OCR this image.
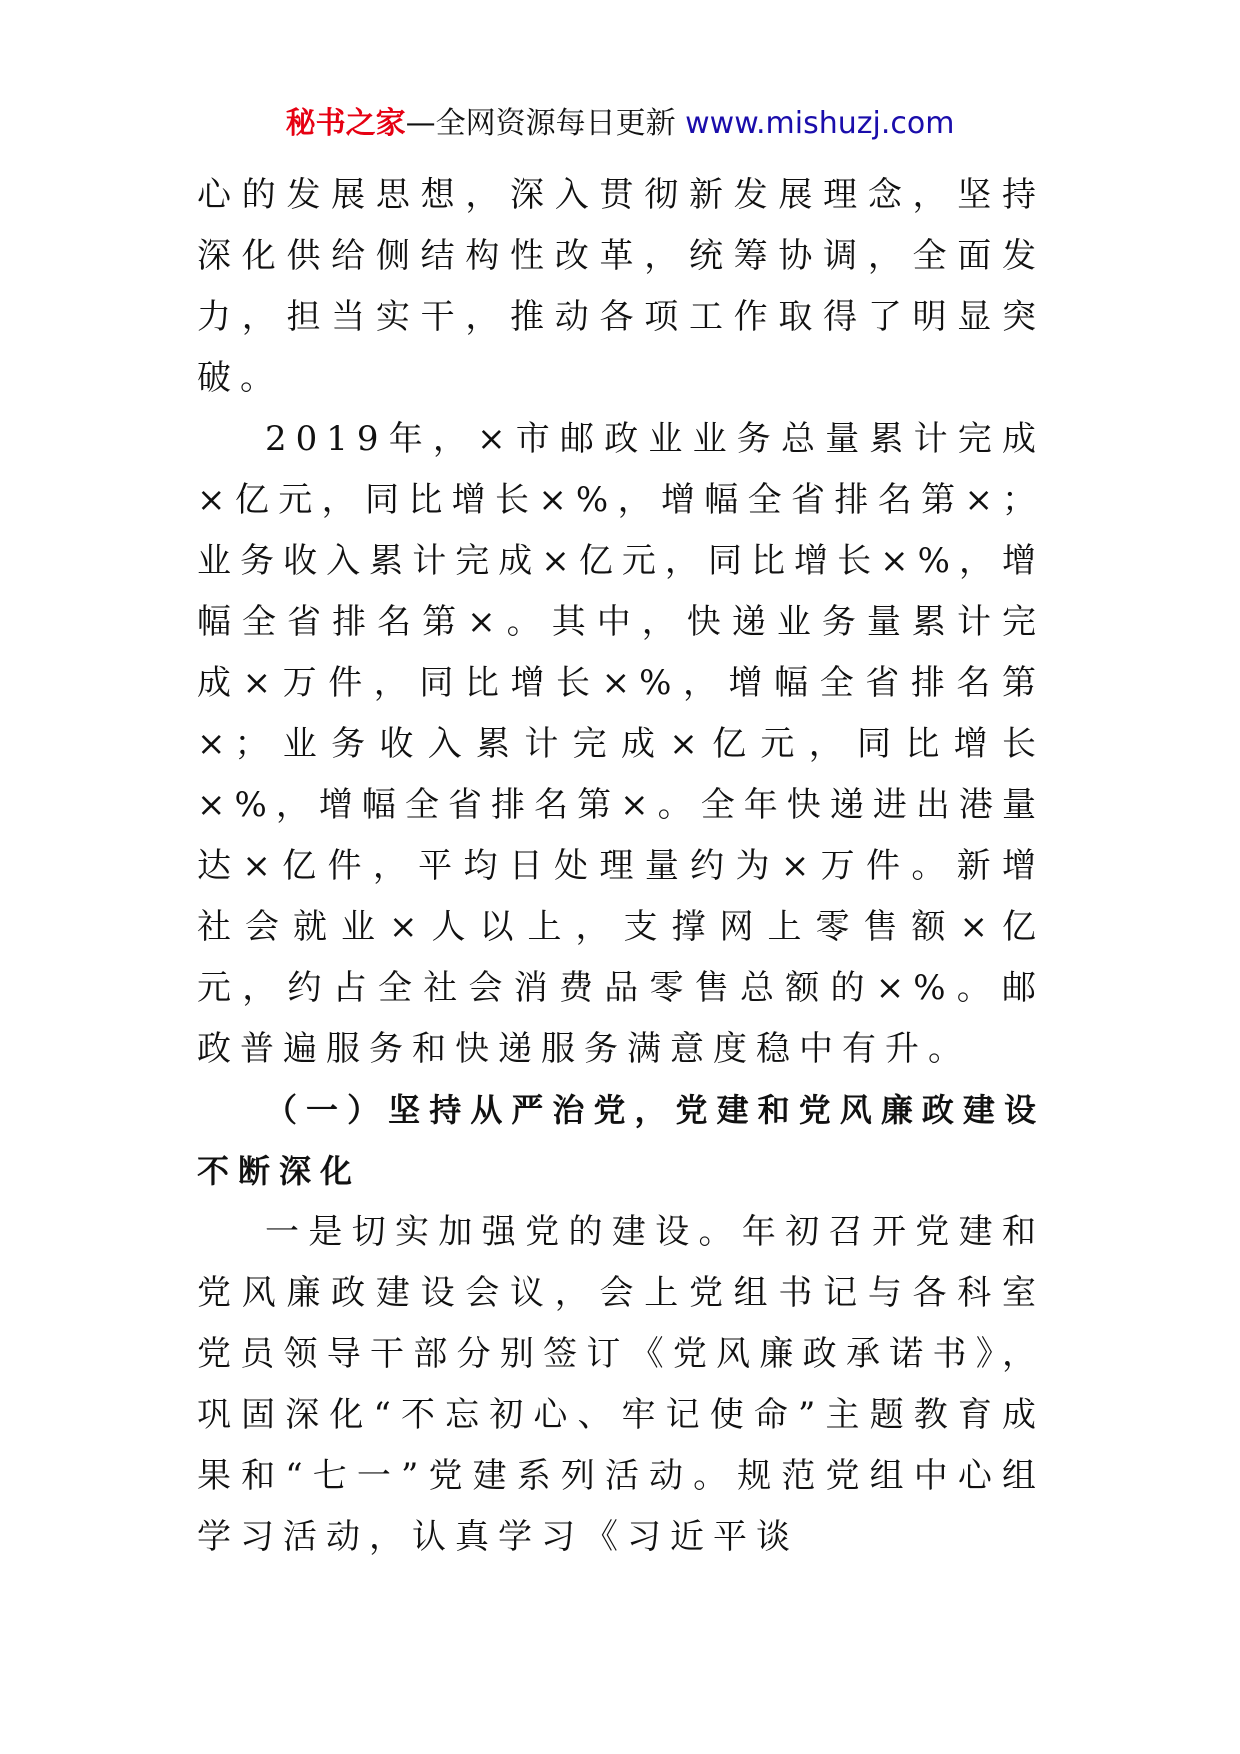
秘书之家—全网资源每日更新 www.mishuzj.com

心的发展思想，深入贯彻新发展理念，坚持深化供给侧结构性改革，统筹协调，全面发力，担当实干，推动各项工作取得了明显突破。

2019年，×市邮政业业务总量累计完成×亿元，同比增长×%，增幅全省排名第×；业务收入累计完成×亿元，同比增长×%，增幅全省排名第×。其中，快递业务量累计完成×万件，同比增长×%，增幅全省排名第×；业务收入累计完成×亿元，同比增长×%，增幅全省排名第×。全年快递进出港量达×亿件，平均日处理量约为×万件。新增社会就业×人以上，支撑网上零售额×亿元，约占全社会消费品零售总额的×%。邮政普遍服务和快递服务满意度稳中有升。

（一）坚持从严治党，党建和党风廉政建设不断深化

一是切实加强党的建设。年初召开党建和党风廉政建设会议，会上党组书记与各科室党员领导干部分别签订《党风廉政承诺书》，巩固深化“不忘初心、牢记使命”主题教育成果和“七一”党建系列活动。规范党组中心组学习活动，认真学习《习近平谈
